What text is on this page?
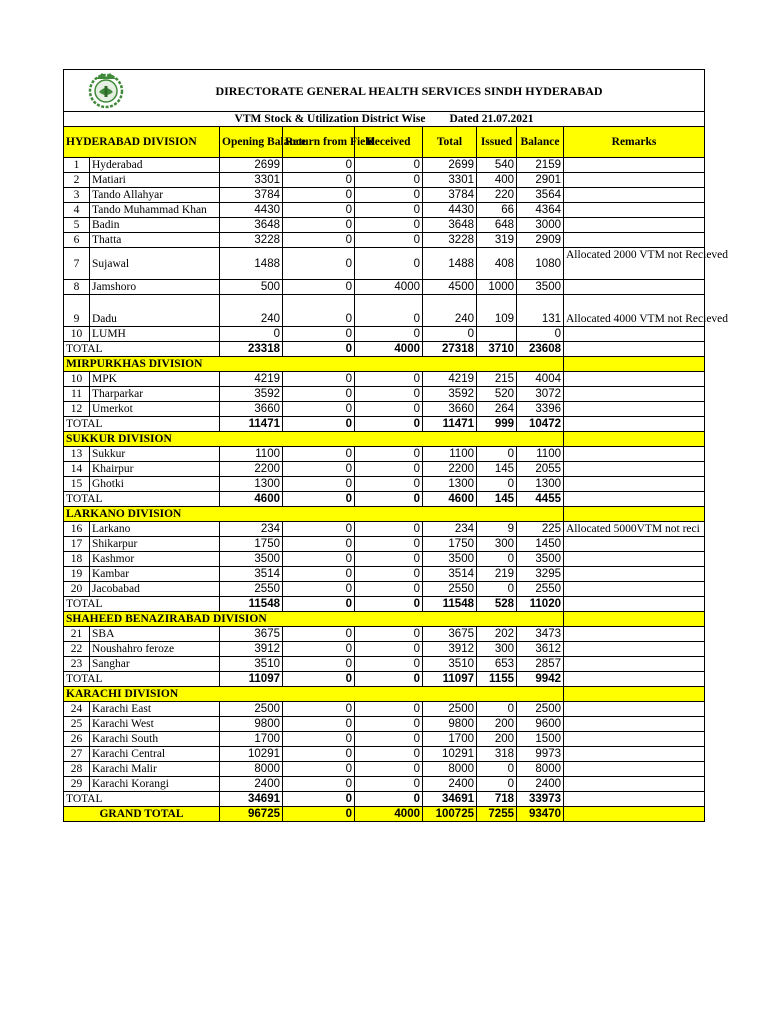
DIRECTORATE GENERAL HEALTH SERVICES SINDH HYDERABAD								

VTM Stock & Utilization District Wise Dated 21.07.2021								
HYDERABAD DIVISION		Opening Balance	Return from Field	Received	Total	Issued	Balance	Remarks
1	Hyderabad	2699	0	0	2699	540	2159	
2	Matiari	3301	0	0	3301	400	2901	
3	Tando Allahyar	3784	0	0	3784	220	3564	
4	Tando Muhammad Khan	4430	0	0	4430	66	4364	
5	Badin	3648	0	0	3648	648	3000	
6	Thatta	3228	0	0	3228	319	2909	
7	Sujawal	1488	0	0	1488	408	1080	Allocated 2000 VTM not Recieved
8	Jamshoro	500	0	4000	4500	1000	3500	
9	Dadu	240	0	0	240	109	131	Allocated 4000 VTM not Recieved
10	LUMH	0	0	0	0		0	
TOTAL		23318	0	4000	27318	3710	23608	
MIRPURKHAS DIVISION								
10	MPK	4219	0	0	4219	215	4004	
11	Tharparkar	3592	0	0	3592	520	3072	
12	Umerkot	3660	0	0	3660	264	3396	
TOTAL		11471	0	0	11471	999	10472	
SUKKUR DIVISION								
13	Sukkur	1100	0	0	1100	0	1100	
14	Khairpur	2200	0	0	2200	145	2055	
15	Ghotki	1300	0	0	1300	0	1300	
TOTAL		4600	0	0	4600	145	4455	
LARKANO DIVISION								
16	Larkano	234	0	0	234	9	225	Allocated 5000VTM not reci
17	Shikarpur	1750	0	0	1750	300	1450	
18	Kashmor	3500	0	0	3500	0	3500	
19	Kambar	3514	0	0	3514	219	3295	
20	Jacobabad	2550	0	0	2550	0	2550	
TOTAL		11548	0	0	11548	528	11020	
SHAHEED BENAZIRABAD DIVISION								
21	SBA	3675	0	0	3675	202	3473	
22	Noushahro feroze	3912	0	0	3912	300	3612	
23	Sanghar	3510	0	0	3510	653	2857	
TOTAL		11097	0	0	11097	1155	9942	
KARACHI DIVISION								
24	Karachi East	2500	0	0	2500	0	2500	
25	Karachi West	9800	0	0	9800	200	9600	
26	Karachi South	1700	0	0	1700	200	1500	
27	Karachi Central	10291	0	0	10291	318	9973	
28	Karachi Malir	8000	0	0	8000	0	8000	
29	Karachi Korangi	2400	0	0	2400	0	2400	
TOTAL		34691	0	0	34691	718	33973	
GRAND TOTAL		96725	0	4000	100725	7255	93470	
